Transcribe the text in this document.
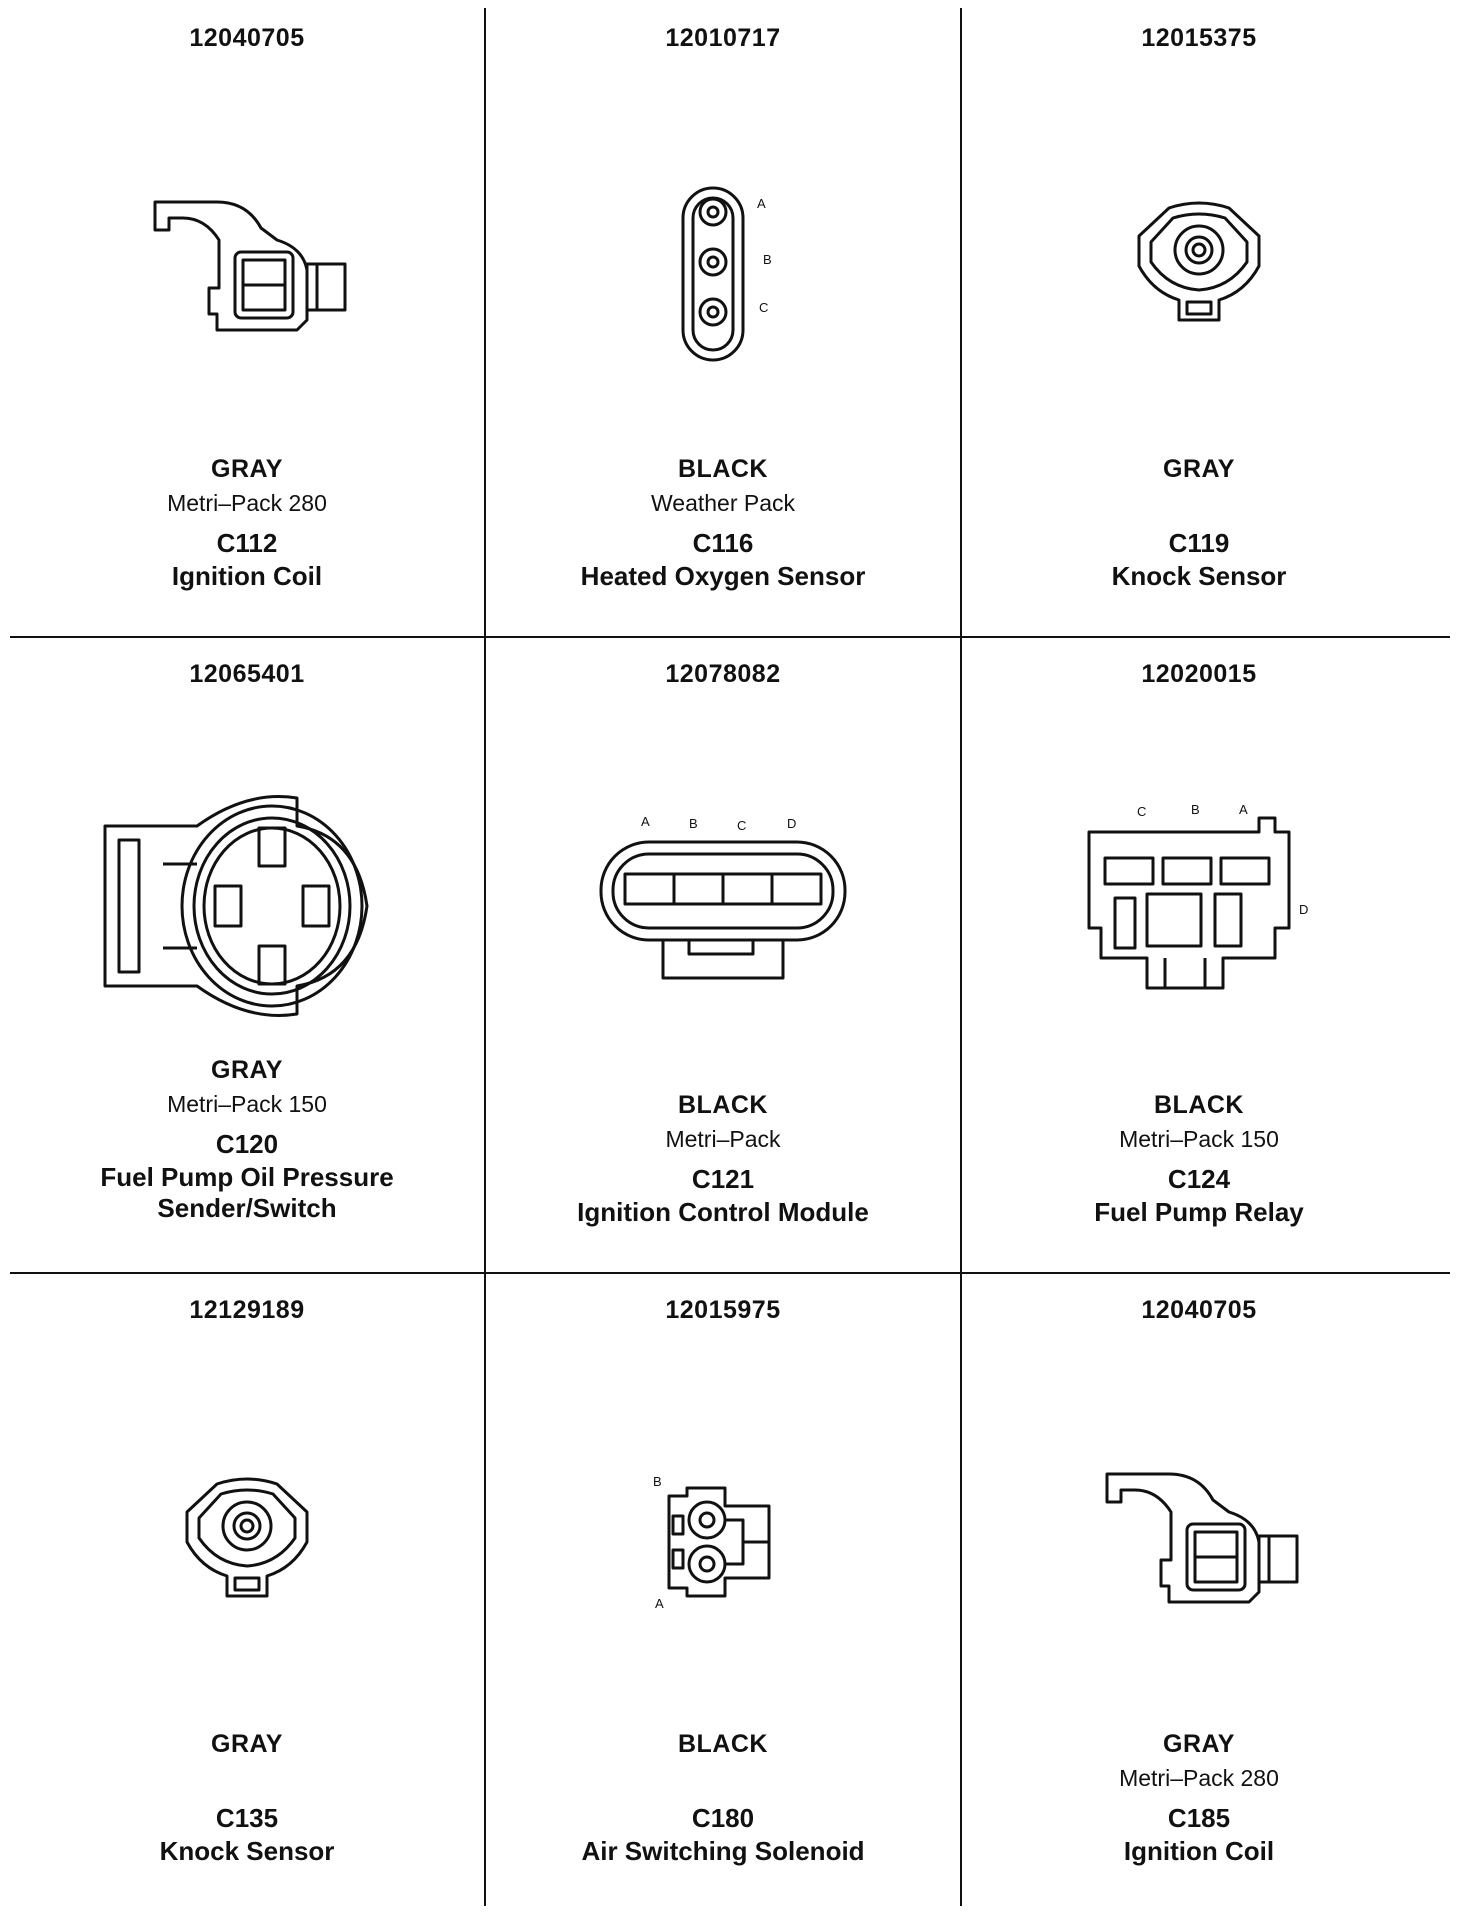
12040705
GRAY
Metri–Pack 280
C112
Ignition Coil
12010717
A
B
C
BLACK
Weather Pack
C116
Heated Oxygen Sensor
12015375
GRAY
C119
Knock Sensor
12065401
GRAY
Metri–Pack 150
C120
Fuel Pump Oil Pressure Sender/Switch
12078082
A	B	C	D
BLACK
Metri–Pack
C121
Ignition Control Module
12020015
C	B	A
D
BLACK
Metri–Pack 150
C124
Fuel Pump Relay
12129189
GRAY
C135
Knock Sensor
12015975
B
A
BLACK
C180
Air Switching Solenoid
12040705
GRAY
Metri–Pack 280
C185
Ignition Coil
